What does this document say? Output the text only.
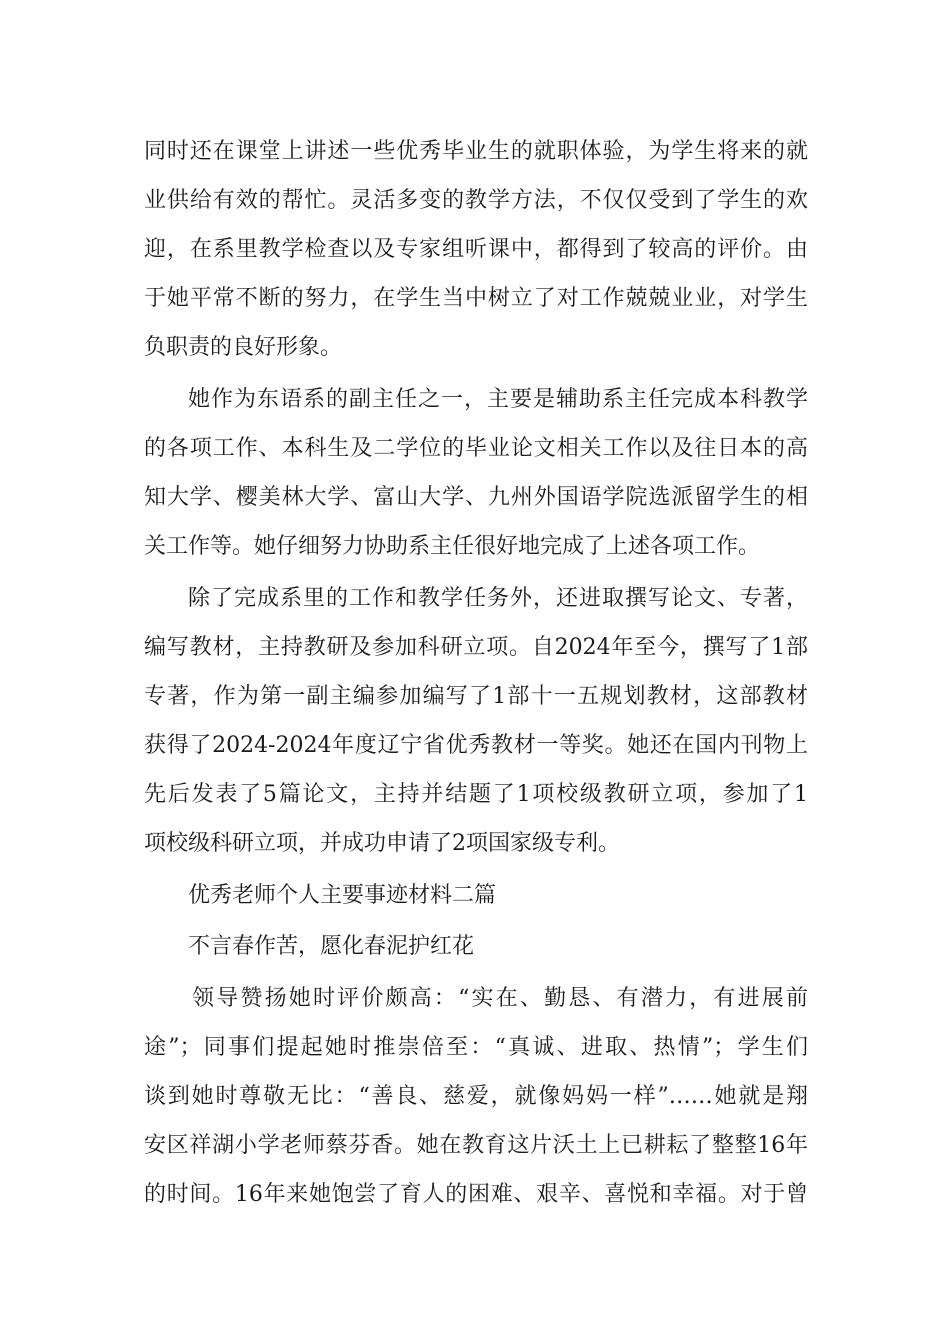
同时还在课堂上讲述一些优秀毕业生的就职体验，为学生将来的就

业供给有效的帮忙。灵活多变的教学方法，不仅仅受到了学生的欢

迎，在系里教学检查以及专家组听课中，都得到了较高的评价。由

于她平常不断的努力，在学生当中树立了对工作兢兢业业，对学生

负职责的良好形象。

她作为东语系的副主任之一，主要是辅助系主任完成本科教学

的各项工作、本科生及二学位的毕业论文相关工作以及往日本的高

知大学、樱美林大学、富山大学、九州外国语学院选派留学生的相

关工作等。她仔细努力协助系主任很好地完成了上述各项工作。

除了完成系里的工作和教学任务外，还进取撰写论文、专著，

编写教材，主持教研及参加科研立项。自2024年至今，撰写了1部

专著，作为第一副主编参加编写了1部十一五规划教材，这部教材

获得了2024-2024年度辽宁省优秀教材一等奖。她还在国内刊物上

先后发表了5篇论文，主持并结题了1项校级教研立项，参加了1

项校级科研立项，并成功申请了2项国家级专利。

优秀老师个人主要事迹材料二篇

不言春作苦，愿化春泥护红花

领导赞扬她时评价颇高：“实在、勤恳、有潜力，有进展前

途”；同事们提起她时推崇倍至：“真诚、进取、热情”；学生们

谈到她时尊敬无比：“善良、慈爱，就像妈妈一样”……她就是翔

安区祥湖小学老师蔡芬香。她在教育这片沃土上已耕耘了整整16年

的时间。16年来她饱尝了育人的困难、艰辛、喜悦和幸福。对于曾
